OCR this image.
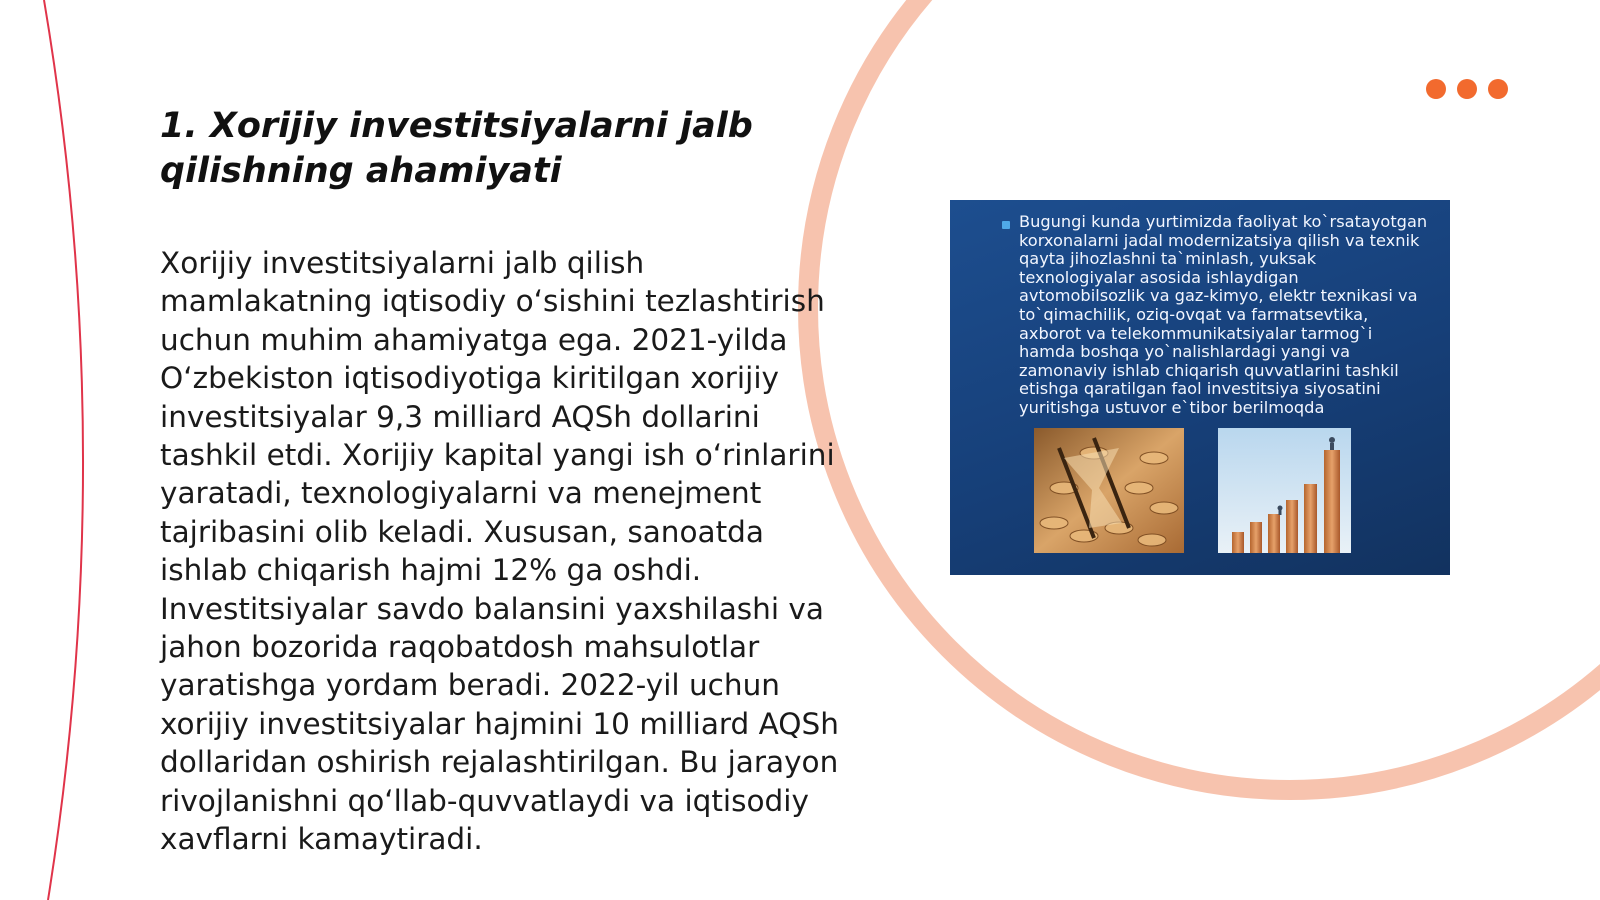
1. Xorijiy investitsiyalarni jalb qilishning ahamiyati

Xorijiy investitsiyalarni jalb qilish mamlakatning iqtisodiy oʻsishini tezlashtirish uchun muhim ahamiyatga ega. 2021-yilda Oʻzbekiston iqtisodiyotiga kiritilgan xorijiy investitsiyalar 9,3 milliard AQSh dollarini tashkil etdi. Xorijiy kapital yangi ish oʻrinlarini yaratadi, texnologiyalarni va menejment tajribasini olib keladi. Xususan, sanoatda ishlab chiqarish hajmi 12% ga oshdi. Investitsiyalar savdo balansini yaxshilashi va jahon bozorida raqobatdosh mahsulotlar yaratishga yordam beradi. 2022-yil uchun xorijiy investitsiyalar hajmini 10 milliard AQSh dollaridan oshirish rejalashtirilgan. Bu jarayon rivojlanishni qoʻllab-quvvatlaydi va iqtisodiy xavflarni kamaytiradi.

Bugungi kunda yurtimizda faoliyat ko`rsatayotgan korxonalarni jadal modernizatsiya qilish va texnik qayta jihozlashni ta`minlash, yuksak texnologiyalar asosida ishlaydigan avtomobilsozlik va gaz-kimyo, elektr texnikasi va to`qimachilik, oziq-ovqat va farmatsevtika, axborot va telekommunikatsiyalar tarmog`i hamda boshqa yo`nalishlardagi yangi va zamonaviy ishlab chiqarish quvvatlarini tashkil etishga qaratilgan faol investitsiya siyosatini yuritishga ustuvor e`tibor berilmoqda
